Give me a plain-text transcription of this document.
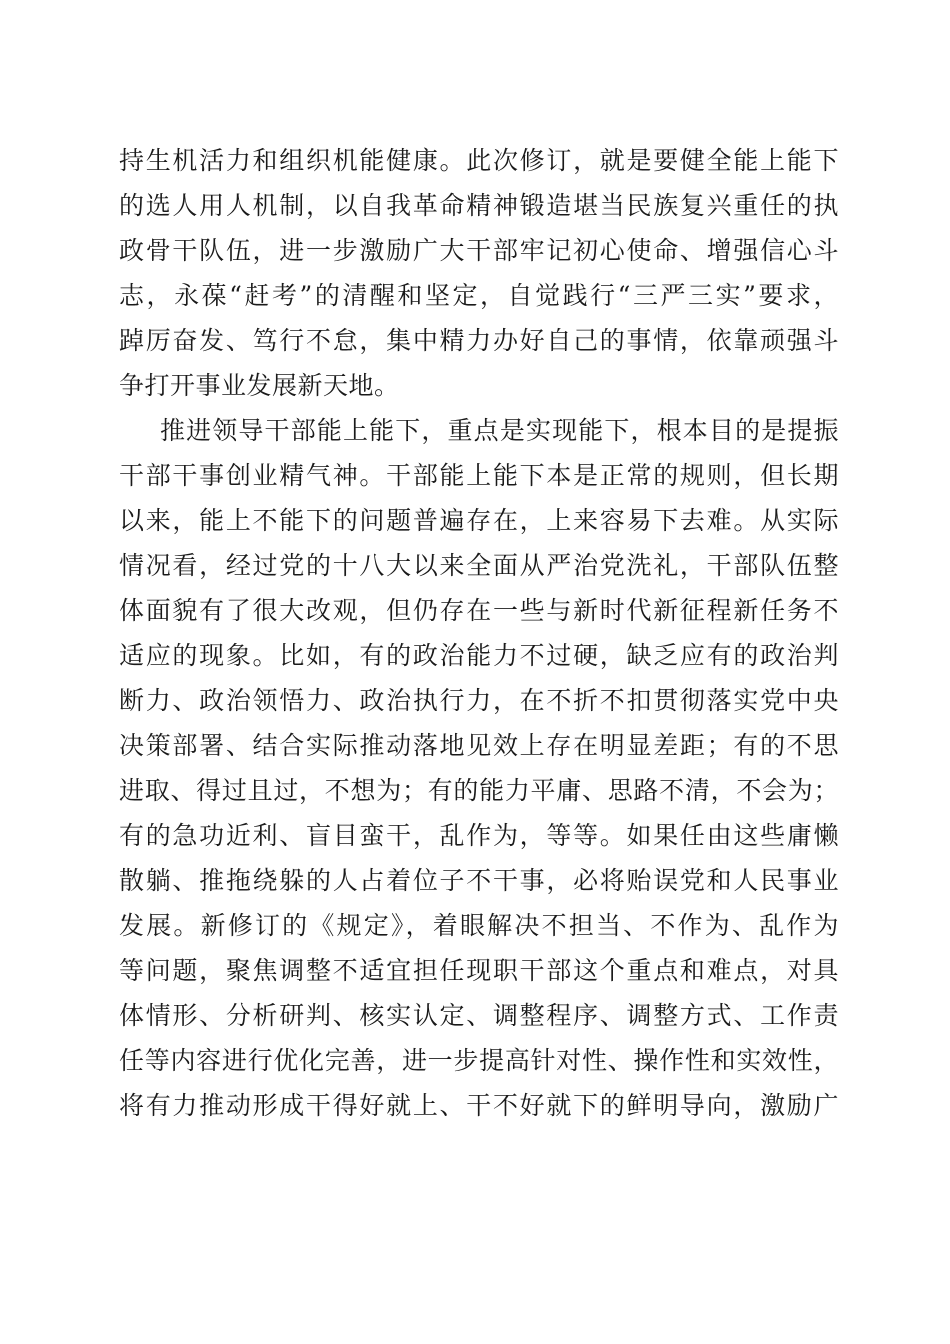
持生机活力和组织机能健康。此次修订，就是要健全能上能下
的选人用人机制，以自我革命精神锻造堪当民族复兴重任的执
政骨干队伍，进一步激励广大干部牢记初心使命、增强信心斗
志，永葆“赶考”的清醒和坚定，自觉践行“三严三实”要求，
踔厉奋发、笃行不怠，集中精力办好自己的事情，依靠顽强斗
争打开事业发展新天地。
推进领导干部能上能下，重点是实现能下，根本目的是提振
干部干事创业精气神。干部能上能下本是正常的规则，但长期
以来，能上不能下的问题普遍存在，上来容易下去难。从实际
情况看，经过党的十八大以来全面从严治党洗礼，干部队伍整
体面貌有了很大改观，但仍存在一些与新时代新征程新任务不
适应的现象。比如，有的政治能力不过硬，缺乏应有的政治判
断力、政治领悟力、政治执行力，在不折不扣贯彻落实党中央
决策部署、结合实际推动落地见效上存在明显差距；有的不思
进取、得过且过，不想为；有的能力平庸、思路不清，不会为；
有的急功近利、盲目蛮干，乱作为，等等。如果任由这些庸懒
散躺、推拖绕躲的人占着位子不干事，必将贻误党和人民事业
发展。新修订的《规定》，着眼解决不担当、不作为、乱作为
等问题，聚焦调整不适宜担任现职干部这个重点和难点，对具
体情形、分析研判、核实认定、调整程序、调整方式、工作责
任等内容进行优化完善，进一步提高针对性、操作性和实效性，
将有力推动形成干得好就上、干不好就下的鲜明导向，激励广
